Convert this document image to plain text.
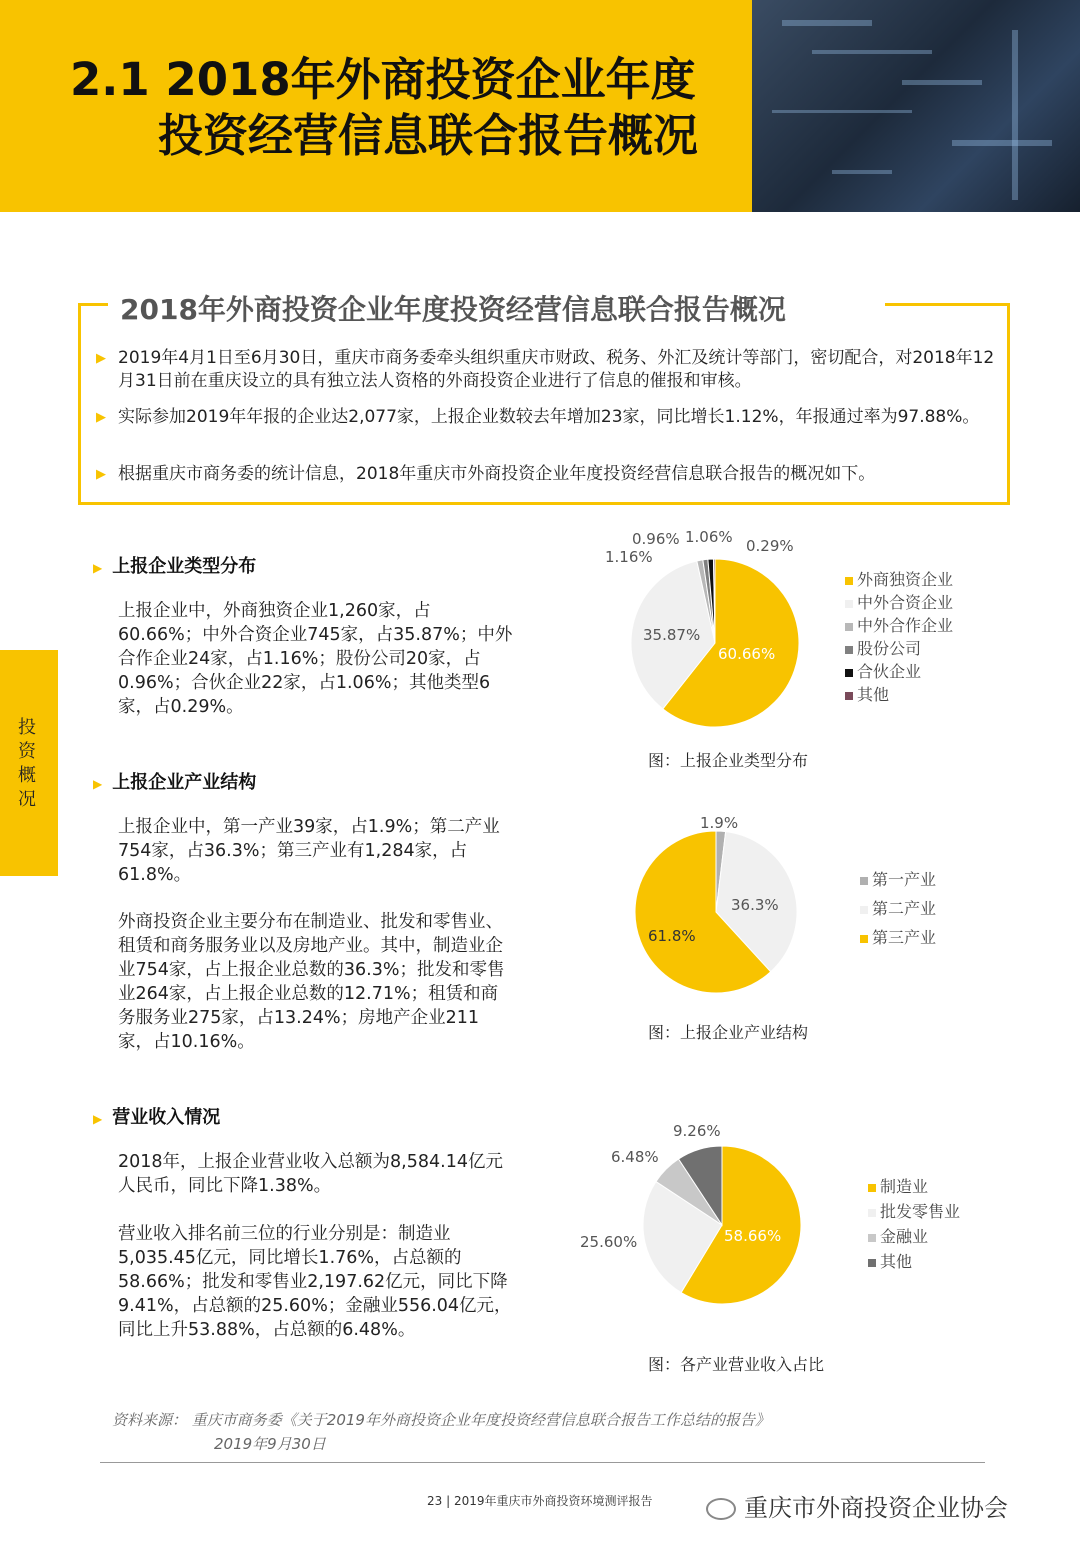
2.1 2018年外商投资企业年度
投资经营信息联合报告概况
2018年外商投资企业年度投资经营信息联合报告概况
▶ 2019年4月1日至6月30日，重庆市商务委牵头组织重庆市财政、税务、外汇及统计等部门，密切配合，对2018年12月31日前在重庆设立的具有独立法人资格的外商投资企业进行了信息的催报和审核。
▶ 实际参加2019年年报的企业达2,077家，上报企业数较去年增加23家，同比增长1.12%，年报通过率为97.88%。
▶ 根据重庆市商务委的统计信息，2018年重庆市外商投资企业年度投资经营信息联合报告的概况如下。
投资概况
▶ 上报企业类型分布
上报企业中，外商独资企业1,260家，占60.66%；中外合资企业745家，占35.87%；中外合作企业24家，占1.16%；股份公司20家，占0.96%；合伙企业22家，占1.06%；其他类型6家，占0.29%。
60.66%
35.87%
1.16%
0.96% 1.06% 0.29%
外商独资企业
中外合资企业
中外合作企业
股份公司
合伙企业
其他
图：上报企业类型分布
▶ 上报企业产业结构
上报企业中，第一产业39家，占1.9%；第二产业754家，占36.3%；第三产业有1,284家，占61.8%。
外商投资企业主要分布在制造业、批发和零售业、租赁和商务服务业以及房地产业。其中，制造业企业754家，占上报企业总数的36.3%；批发和零售业264家，占上报企业总数的12.71%；租赁和商务服务业275家，占13.24%；房地产企业211家，占10.16%。
1.9%
36.3%
61.8%
第一产业
第二产业
第三产业
图：上报企业产业结构
▶ 营业收入情况
2018年，上报企业营业收入总额为8,584.14亿元人民币，同比下降1.38%。
营业收入排名前三位的行业分别是：制造业5,035.45亿元，同比增长1.76%，占总额的58.66%；批发和零售业2,197.62亿元，同比下降9.41%，占总额的25.60%；金融业556.04亿元，同比上升53.88%，占总额的6.48%。
58.66%
25.60%
6.48%
9.26%
制造业
批发零售业
金融业
其他
图：各产业营业收入占比
资料来源： 重庆市商务委《关于2019年外商投资企业年度投资经营信息联合报告工作总结的报告》
2019年9月30日
23 | 2019年重庆市外商投资环境测评报告	重庆市外商投资企业协会
